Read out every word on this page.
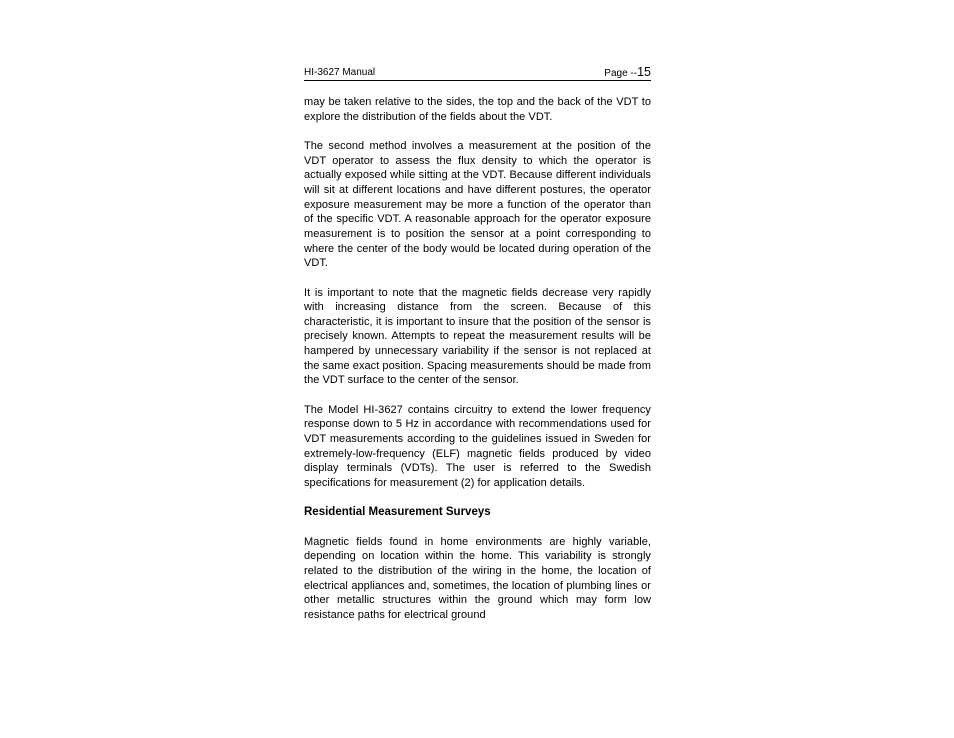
HI-3627 Manual	Page --15

may be taken relative to the sides, the top and the back of the VDT to explore the distribution of the fields about the VDT.

The second method involves a measurement at the position of the VDT operator to assess the flux density to which the operator is actually exposed while sitting at the VDT. Because different individuals will sit at different locations and have different postures, the operator exposure measurement may be more a function of the operator than of the specific VDT. A reasonable approach for the operator exposure measurement is to position the sensor at a point corresponding to where the center of the body would be located during operation of the VDT.

It is important to note that the magnetic fields decrease very rapidly with increasing distance from the screen. Because of this characteristic, it is important to insure that the position of the sensor is precisely known. Attempts to repeat the measurement results will be hampered by unnecessary variability if the sensor is not replaced at the same exact position. Spacing measurements should be made from the VDT surface to the center of the sensor.

The Model HI-3627 contains circuitry to extend the lower frequency response down to 5 Hz in accordance with recommendations used for VDT measurements according to the guidelines issued in Sweden for extremely-low-frequency (ELF) magnetic fields produced by video display terminals (VDTs). The user is referred to the Swedish specifications for measurement (2) for application details.

Residential Measurement Surveys

Magnetic fields found in home environments are highly variable, depending on location within the home. This variability is strongly related to the distribution of the wiring in the home, the location of electrical appliances and, sometimes, the location of plumbing lines or other metallic structures within the ground which may form low resistance paths for electrical ground
